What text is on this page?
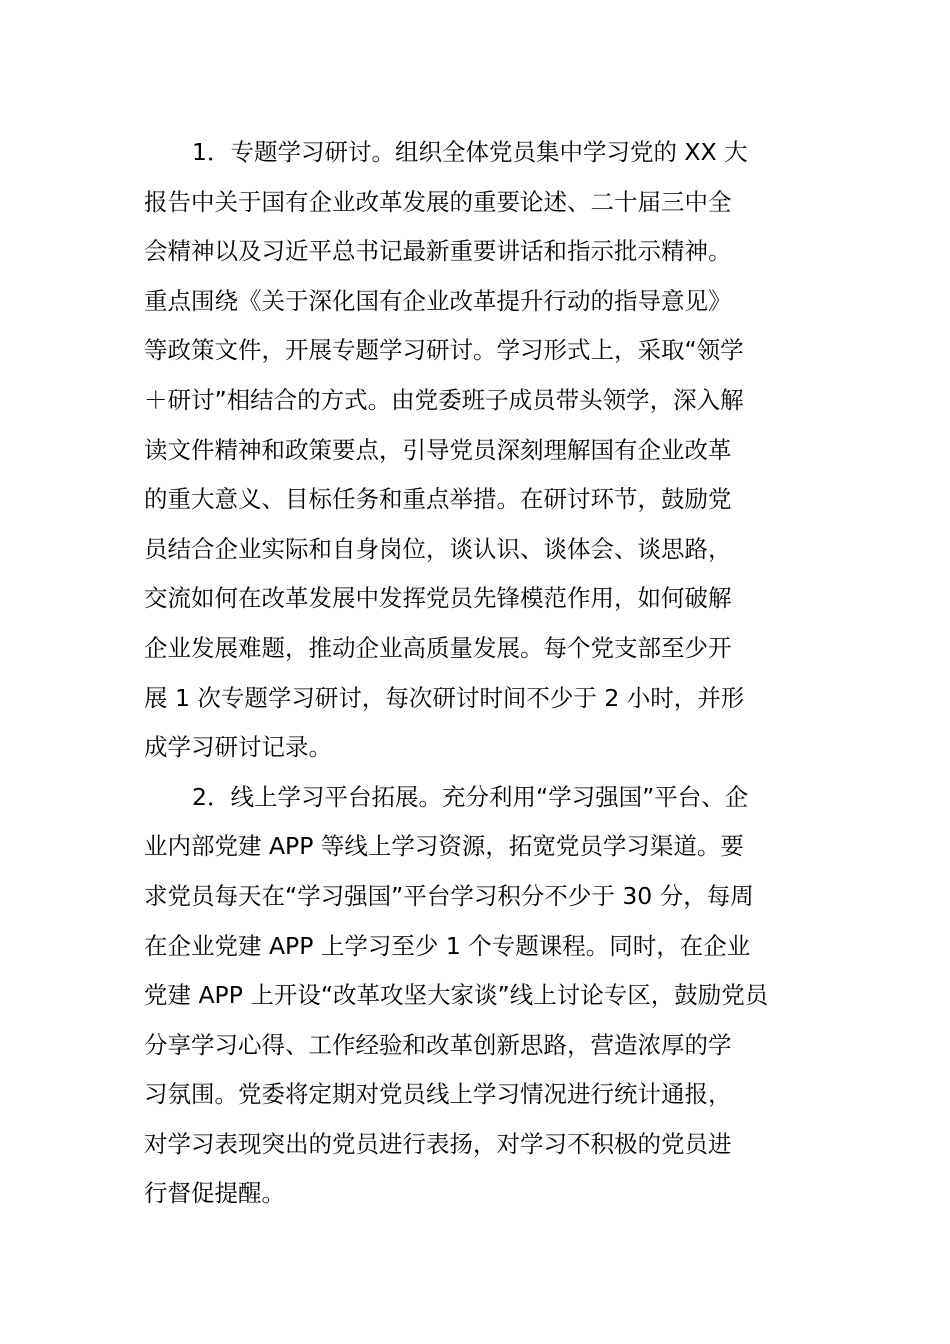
1．专题学习研讨。组织全体党员集中学习党的 XX 大
报告中关于国有企业改革发展的重要论述、二十届三中全
会精神以及习近平总书记最新重要讲话和指示批示精神。
重点围绕《关于深化国有企业改革提升行动的指导意见》
等政策文件，开展专题学习研讨。学习形式上，采取“领学
＋研讨”相结合的方式。由党委班子成员带头领学，深入解
读文件精神和政策要点，引导党员深刻理解国有企业改革
的重大意义、目标任务和重点举措。在研讨环节，鼓励党
员结合企业实际和自身岗位，谈认识、谈体会、谈思路，
交流如何在改革发展中发挥党员先锋模范作用，如何破解
企业发展难题，推动企业高质量发展。每个党支部至少开
展 1 次专题学习研讨，每次研讨时间不少于 2 小时，并形
成学习研讨记录。
2．线上学习平台拓展。充分利用“学习强国”平台、企
业内部党建 APP 等线上学习资源，拓宽党员学习渠道。要
求党员每天在“学习强国”平台学习积分不少于 30 分，每周
在企业党建 APP 上学习至少 1 个专题课程。同时，在企业
党建 APP 上开设“改革攻坚大家谈”线上讨论专区，鼓励党员
分享学习心得、工作经验和改革创新思路，营造浓厚的学
习氛围。党委将定期对党员线上学习情况进行统计通报，
对学习表现突出的党员进行表扬，对学习不积极的党员进
行督促提醒。
